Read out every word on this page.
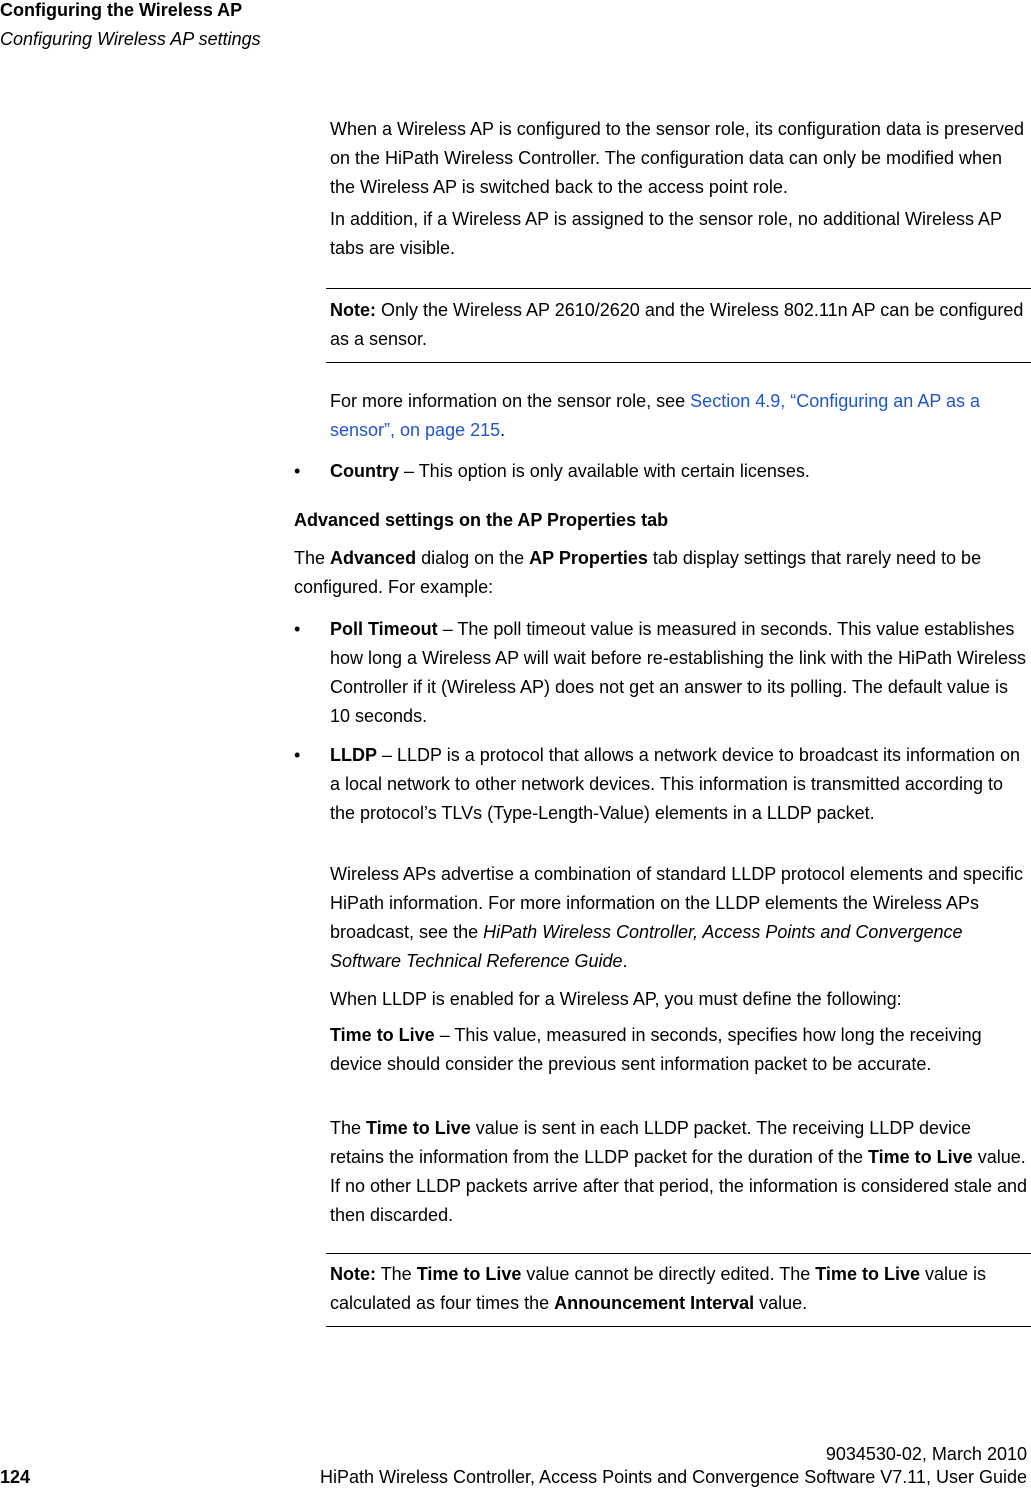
Configuring the Wireless AP
Configuring Wireless AP settings

When a Wireless AP is configured to the sensor role, its configuration data is preserved on the HiPath Wireless Controller. The configuration data can only be modified when the Wireless AP is switched back to the access point role.

In addition, if a Wireless AP is assigned to the sensor role, no additional Wireless AP tabs are visible.

Note: Only the Wireless AP 2610/2620 and the Wireless 802.11n AP can be configured as a sensor.

For more information on the sensor role, see Section 4.9, “Configuring an AP as a sensor”, on page 215.

•	Country – This option is only available with certain licenses.

Advanced settings on the AP Properties tab

The Advanced dialog on the AP Properties tab display settings that rarely need to be configured. For example:

•	Poll Timeout – The poll timeout value is measured in seconds. This value establishes how long a Wireless AP will wait before re-establishing the link with the HiPath Wireless Controller if it (Wireless AP) does not get an answer to its polling. The default value is 10 seconds.

•	LLDP – LLDP is a protocol that allows a network device to broadcast its information on a local network to other network devices. This information is transmitted according to the protocol’s TLVs (Type-Length-Value) elements in a LLDP packet.

Wireless APs advertise a combination of standard LLDP protocol elements and specific HiPath information. For more information on the LLDP elements the Wireless APs broadcast, see the HiPath Wireless Controller, Access Points and Convergence Software Technical Reference Guide.

When LLDP is enabled for a Wireless AP, you must define the following:

Time to Live – This value, measured in seconds, specifies how long the receiving device should consider the previous sent information packet to be accurate.

The Time to Live value is sent in each LLDP packet. The receiving LLDP device retains the information from the LLDP packet for the duration of the Time to Live value. If no other LLDP packets arrive after that period, the information is considered stale and then discarded.

Note: The Time to Live value cannot be directly edited. The Time to Live value is calculated as four times the Announcement Interval value.

9034530-02, March 2010
124	HiPath Wireless Controller, Access Points and Convergence Software V7.11, User Guide
